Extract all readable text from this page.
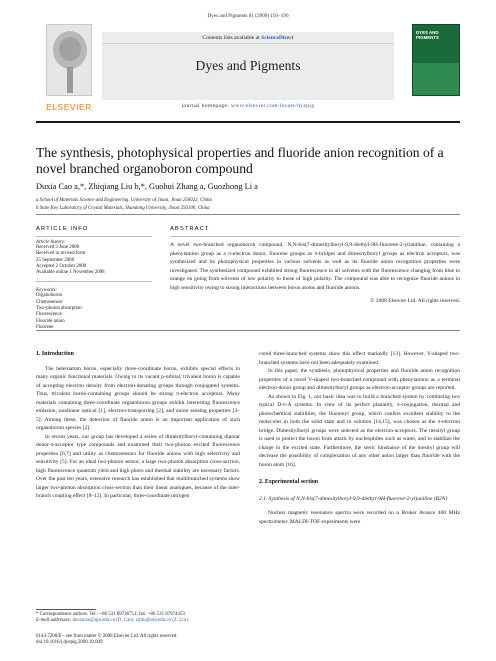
Dyes and Pigments 81 (2009) 193–196
ELSEVIER
Contents lists available at ScienceDirect
Dyes and Pigments
journal homepage: www.elsevier.com/locate/dyepig
DYES AND PIGMENTS
The synthesis, photophysical properties and fluoride anion recognition of a novel branched organoboron compound
Duxia Cao a,*, Zhiqiang Liu b,*, Guohui Zhang a, Guozhong Li a
a School of Materials Science and Engineering, University of Jinan, Jinan 250022, China
b State Key Laboratory of Crystal Materials, Shandong University, Jinan 250100, China
ARTICLE INFO
Article history:
Received 3 June 2008
Received in revised form
25 September 2008
Accepted 2 October 2008
Available online 1 November 2008
Keywords:
Organoboron
Chemosensor
Two-photon absorption
Fluorescence
Fluoride anion
Fluorene
ABSTRACT
A novel two-branched organoboron compound, N,N-bis(7-dimesitylboryl-9,9-diethyl-9H-fluorene-2-yl)aniline, containing a phenylamino group as a π-electron donor, fluorene groups as π-bridges and dimesitylboryl groups as electron acceptors, was synthesized and its photophysical properties in various solvents as well as its fluoride anion recognition properties were investigated. The synthesized compound exhibited strong fluorescence in all solvents with the fluorescence changing from blue to orange on going from solvents of low polarity to those of high polarity. The compound was able to recognize fluoride anions in high sensitivity owing to strong interactions between boron atoms and fluoride anions.
© 2008 Elsevier Ltd. All rights reserved.
1. Introduction

The heteroatom boron, especially three-coordinate boron, exhibits special effects in many organic functional materials. Owing to its vacant p-orbital, trivalent boron is capable of accepting electron density from electron-donating groups through conjugated systems. Thus, trivalent boron-containing groups should be strong π-electron acceptors. Many materials containing three-coordinate organoboron groups exhibit interesting fluorescence emission, nonlinear optical [1], electron-transporting [2], and anion sensing properties [3–5]. Among these, the detection of fluoride anion is an important application of such organoboron species [2].

In recent years, our group has developed a series of dimesitylboryl-containing dipolar donor-π-acceptor type compounds and examined their two-photon excited fluorescence properties [6,7] and utility as chemosensors for fluoride anions with high selectivity and sensitivity [5]. For an ideal two-photon sensor, a large two-photon absorption cross-section, high fluorescence quantum yield and high photo and thermal stability are necessary factors. Over the past ten years, extensive research has established that multibranched systems show larger two-photon absorption cross-section than their linear analogues, because of the inter-branch coupling effect [8–12]. In particular, three-coordinate nitrogen

cored three-branched systems show this effect markedly [13]. However, V-shaped two-branched systems have not been adequately examined.

In this paper, the synthesis, photophysical properties and fluoride anion recognition properties of a novel V-shaped two-branched compound with phenylamino as a terminal electron-donor group and dimesitylboryl groups as electron-acceptor groups are reported.

As shown in Fig. 1, our basic idea was to build a branched system by combining two typical D-π-A systems. In view of its perfect planarity, π-conjugation, thermal and photochemical stabilities, the fluorenyl group, which confers excellent stability to the molecules in both the solid state and in solution [14,15], was chosen as the π-electron bridge. Dimesitylboryl groups were selected as the electron-acceptors. The mesityl group is used to protect the boron from attack by nucleophiles such as water, and to stabilize the charge in the excited state. Furthermore, the steric hindrance of the mesityl group will decrease the possibility of complexation of any other anion larger than fluoride with the boron atom [16].

2. Experimental section

2.1. Synthesis of N,N-bis(7-dimesitylboryl-9,9-diethyl-9H-fluorene-2-yl)aniline (B2N)

Nuclear magnetic resonance spectra were recorded on a Bruker Avance 400 MHz spectrometer. MALDI-TOF experiments were

* Correspondence authors. Tel.: +86 531 89736751; fax: +86 531 87974453.
E-mail addresses: duxiacao@ujn.edu.cn (D. Cao), zqliu@sdu.edu.cn (Z. Liu).
0143-7208/$ – see front matter © 2008 Elsevier Ltd. All rights reserved.
doi:10.1016/j.dyepig.2008.10.009
